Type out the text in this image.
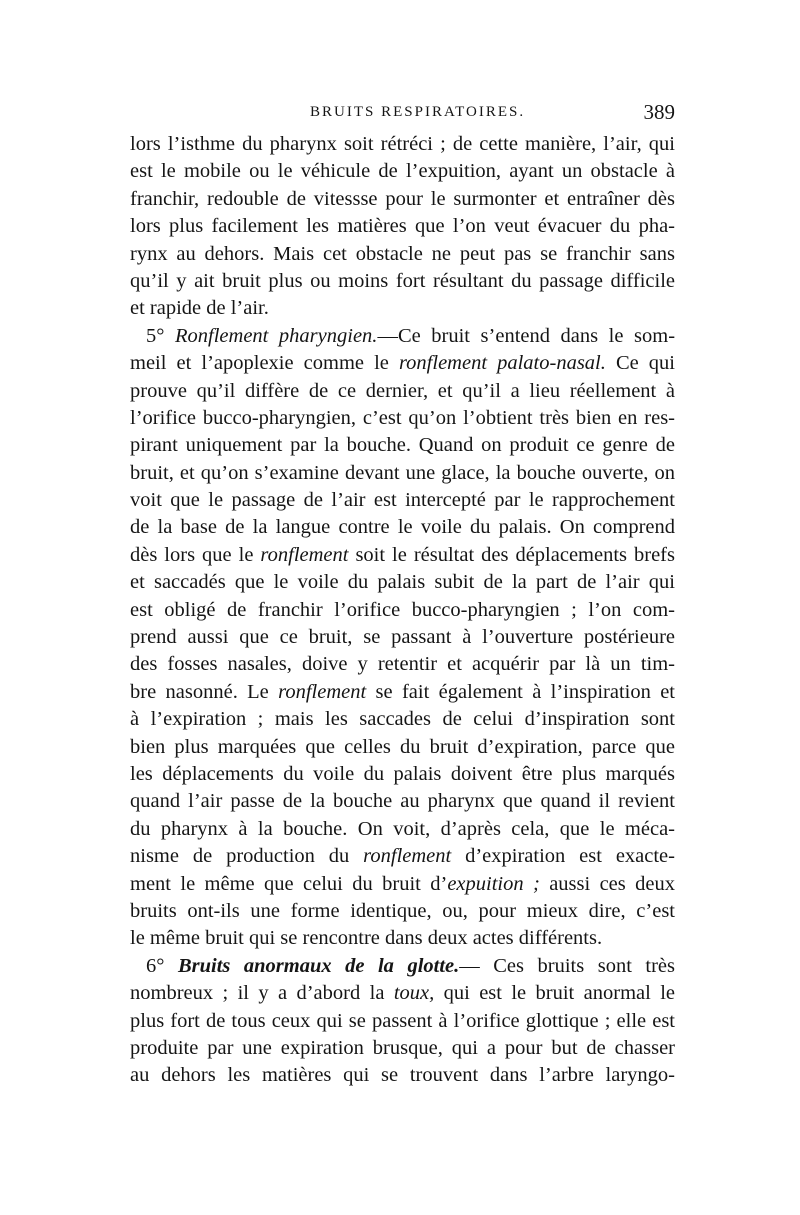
BRUITS RESPIRATOIRES.	389
lors l’isthme du pharynx soit rétréci ; de cette manière, l’air, qui
est le mobile ou le véhicule de l’expuition, ayant un obstacle à
franchir, redouble de vitessse pour le surmonter et entraîner dès
lors plus facilement les matières que l’on veut évacuer du pha-
rynx au dehors. Mais cet obstacle ne peut pas se franchir sans
qu’il y ait bruit plus ou moins fort résultant du passage difficile
et rapide de l’air.
5° Ronflement pharyngien.—Ce bruit s’entend dans le som-
meil et l’apoplexie comme le ronflement palato-nasal. Ce qui
prouve qu’il diffère de ce dernier, et qu’il a lieu réellement à
l’orifice bucco-pharyngien, c’est qu’on l’obtient très bien en res-
pirant uniquement par la bouche. Quand on produit ce genre de
bruit, et qu’on s’examine devant une glace, la bouche ouverte, on
voit que le passage de l’air est intercepté par le rapprochement
de la base de la langue contre le voile du palais. On comprend
dès lors que le ronflement soit le résultat des déplacements brefs
et saccadés que le voile du palais subit de la part de l’air qui
est obligé de franchir l’orifice bucco-pharyngien ; l’on com-
prend aussi que ce bruit, se passant à l’ouverture postérieure
des fosses nasales, doive y retentir et acquérir par là un tim-
bre nasonné. Le ronflement se fait également à l’inspiration et
à l’expiration ; mais les saccades de celui d’inspiration sont
bien plus marquées que celles du bruit d’expiration, parce que
les déplacements du voile du palais doivent être plus marqués
quand l’air passe de la bouche au pharynx que quand il revient
du pharynx à la bouche. On voit, d’après cela, que le méca-
nisme de production du ronflement d’expiration est exacte-
ment le même que celui du bruit d’expuition ; aussi ces deux
bruits ont-ils une forme identique, ou, pour mieux dire, c’est
le même bruit qui se rencontre dans deux actes différents.
6° Bruits anormaux de la glotte.— Ces bruits sont très
nombreux ; il y a d’abord la toux, qui est le bruit anormal le
plus fort de tous ceux qui se passent à l’orifice glottique ; elle est
produite par une expiration brusque, qui a pour but de chasser
au dehors les matières qui se trouvent dans l’arbre laryngo-
